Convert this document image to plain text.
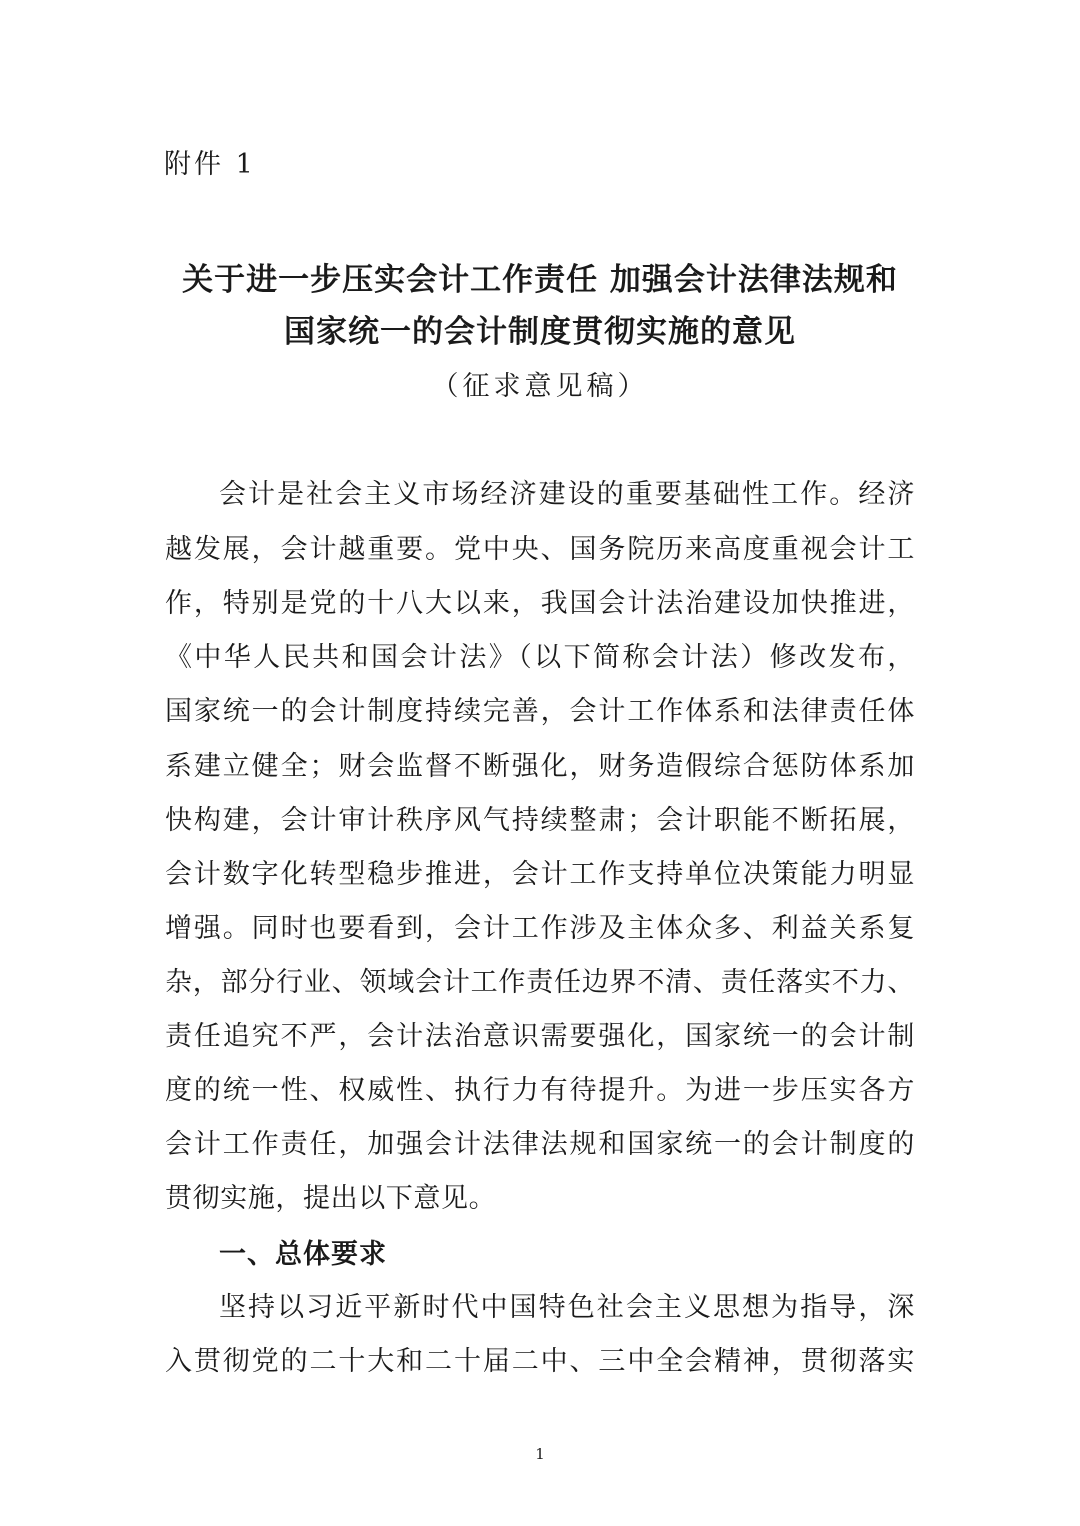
附件 1
关于进一步压实会计工作责任 加强会计法律法规和
国家统一的会计制度贯彻实施的意见
（征求意见稿）
会计是社会主义市场经济建设的重要基础性工作。经济
越发展，会计越重要。党中央、国务院历来高度重视会计工
作，特别是党的十八大以来，我国会计法治建设加快推进，
《中华人民共和国会计法》（以下简称会计法）修改发布，
国家统一的会计制度持续完善，会计工作体系和法律责任体
系建立健全；财会监督不断强化，财务造假综合惩防体系加
快构建，会计审计秩序风气持续整肃；会计职能不断拓展，
会计数字化转型稳步推进，会计工作支持单位决策能力明显
增强。同时也要看到，会计工作涉及主体众多、利益关系复
杂，部分行业、领域会计工作责任边界不清、责任落实不力、
责任追究不严，会计法治意识需要强化，国家统一的会计制
度的统一性、权威性、执行力有待提升。为进一步压实各方
会计工作责任，加强会计法律法规和国家统一的会计制度的
贯彻实施，提出以下意见。
一、总体要求
坚持以习近平新时代中国特色社会主义思想为指导，深
入贯彻党的二十大和二十届二中、三中全会精神，贯彻落实
1
